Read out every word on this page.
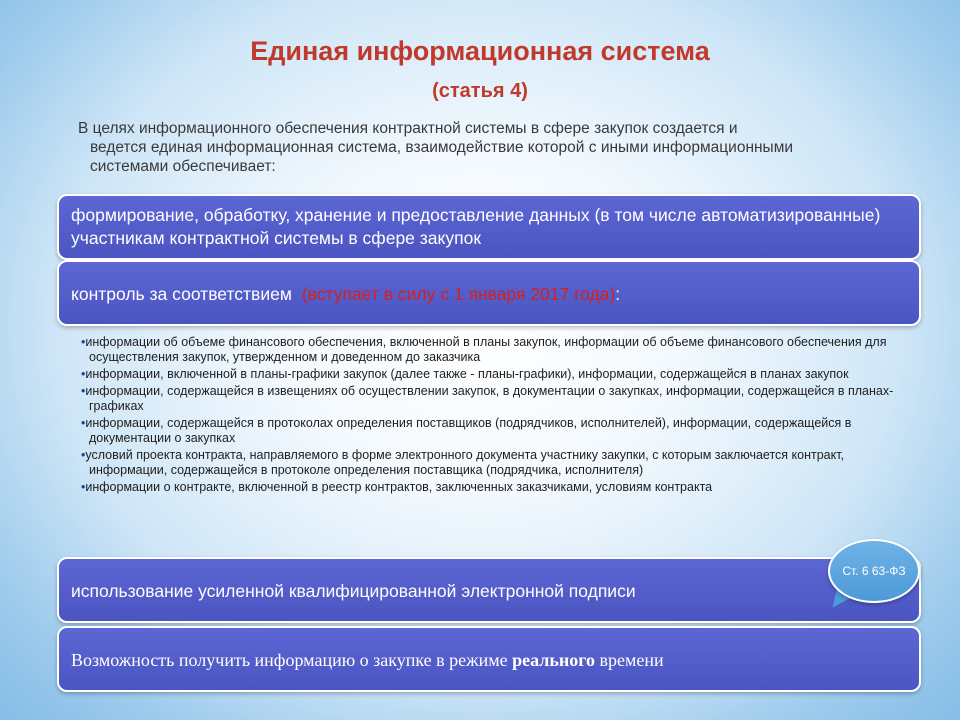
Единая информационная система
(статья 4)
В целях информационного обеспечения контрактной системы в сфере закупок создается и
ведется единая информационная система, взаимодействие которой с иными информационными
системами обеспечивает:
формирование, обработку, хранение и предоставление данных (в том числе автоматизированные) участникам контрактной системы в сфере закупок
контроль за соответствием (вступает в силу с 1 января 2017 года):
•информации об объеме финансового обеспечения, включенной в планы закупок, информации об объеме финансового обеспечения для осуществления закупок, утвержденном и доведенном до заказчика
•информации, включенной в планы-графики закупок (далее также - планы-графики), информации, содержащейся в планах закупок
•информации, содержащейся в извещениях об осуществлении закупок, в документации о закупках, информации, содержащейся в планах-графиках
•информации, содержащейся в протоколах определения поставщиков (подрядчиков, исполнителей), информации, содержащейся в документации о закупках
•условий проекта контракта, направляемого в форме электронного документа участнику закупки, с которым заключается контракт, информации, содержащейся в протоколе определения поставщика (подрядчика, исполнителя)
•информации о контракте, включенной в реестр контрактов, заключенных заказчиками, условиям контракта
использование усиленной квалифицированной электронной подписи
Ст. 6 63-ФЗ
Возможность получить информацию о закупке в режиме реального времени
